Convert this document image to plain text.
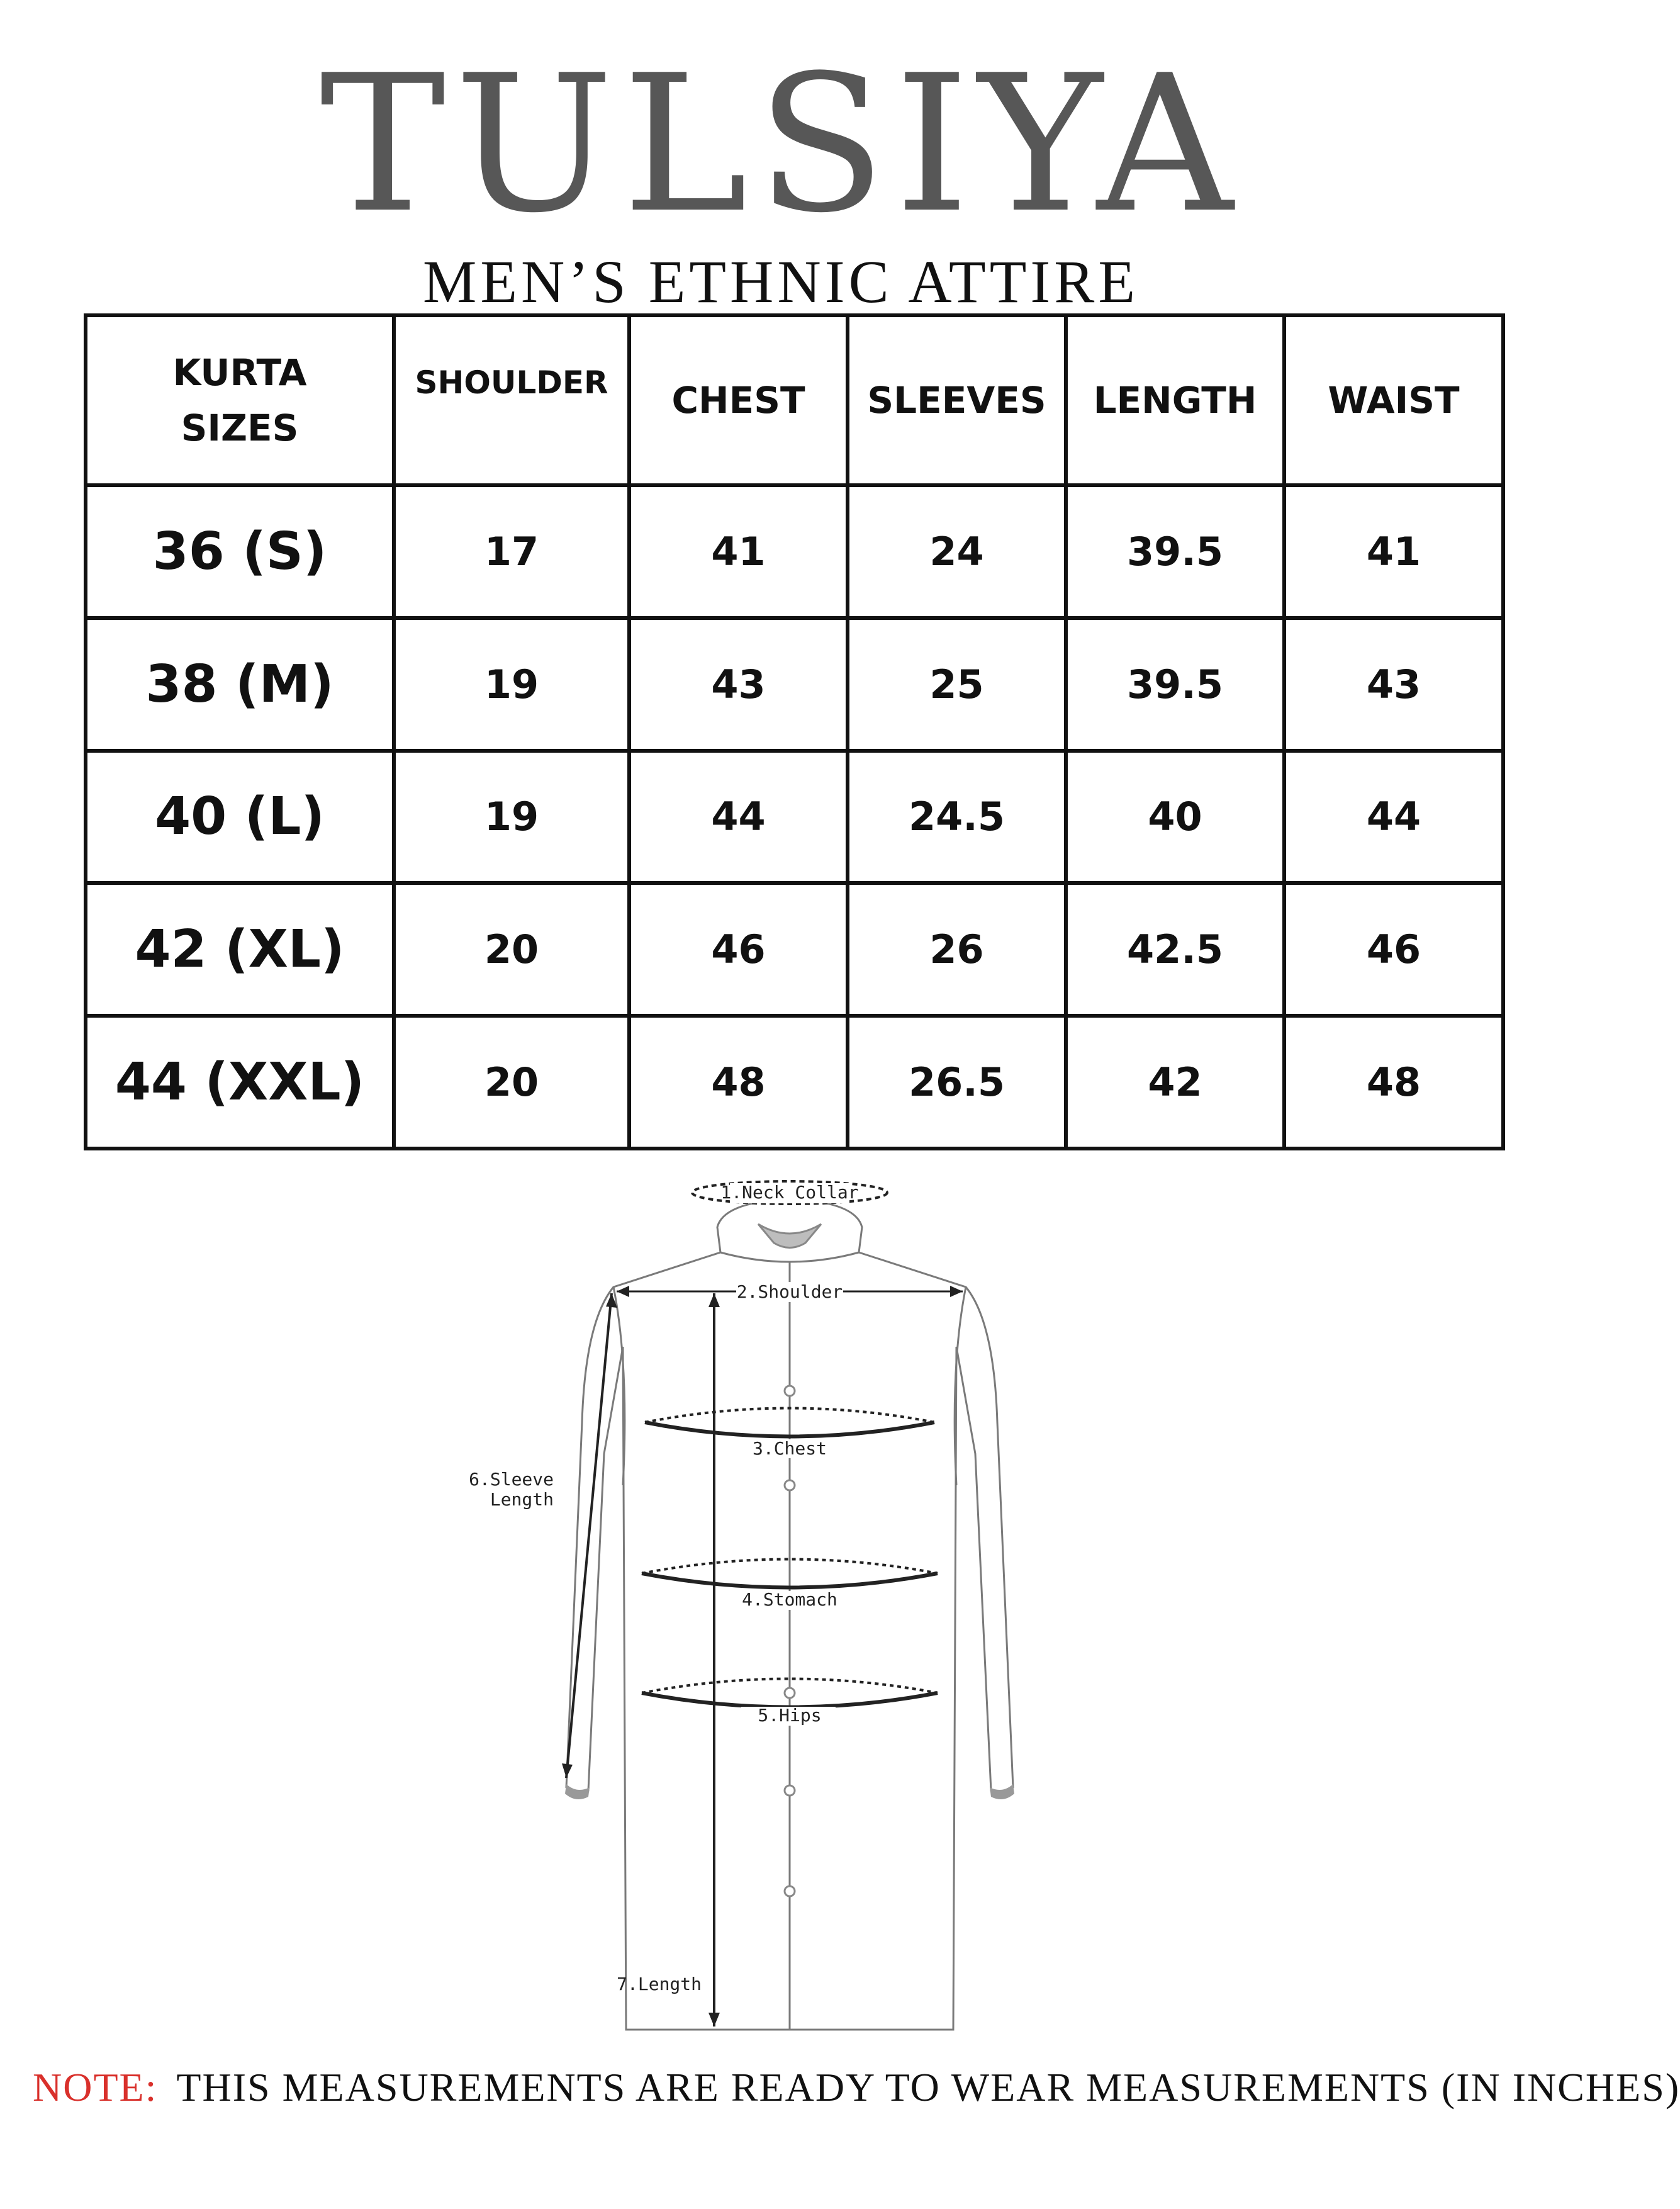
TULSIYA
MEN’S ETHNIC ATTIRE
KURTA SIZES	SHOULDER	CHEST	SLEEVES	LENGTH	WAIST
36 (S)	17	41	24	39.5	41
38 (M)	19	43	25	39.5	43
40 (L)	19	44	24.5	40	44
42 (XL)	20	46	26	42.5	46
44 (XXL)	20	48	26.5	42	48
1.Neck Collar
2.Shoulder
3.Chest
4.Stomach
5.Hips
6.Sleeve
Length
7.Length
NOTE: THIS MEASUREMENTS ARE READY TO WEAR MEASUREMENTS (IN INCHES)
